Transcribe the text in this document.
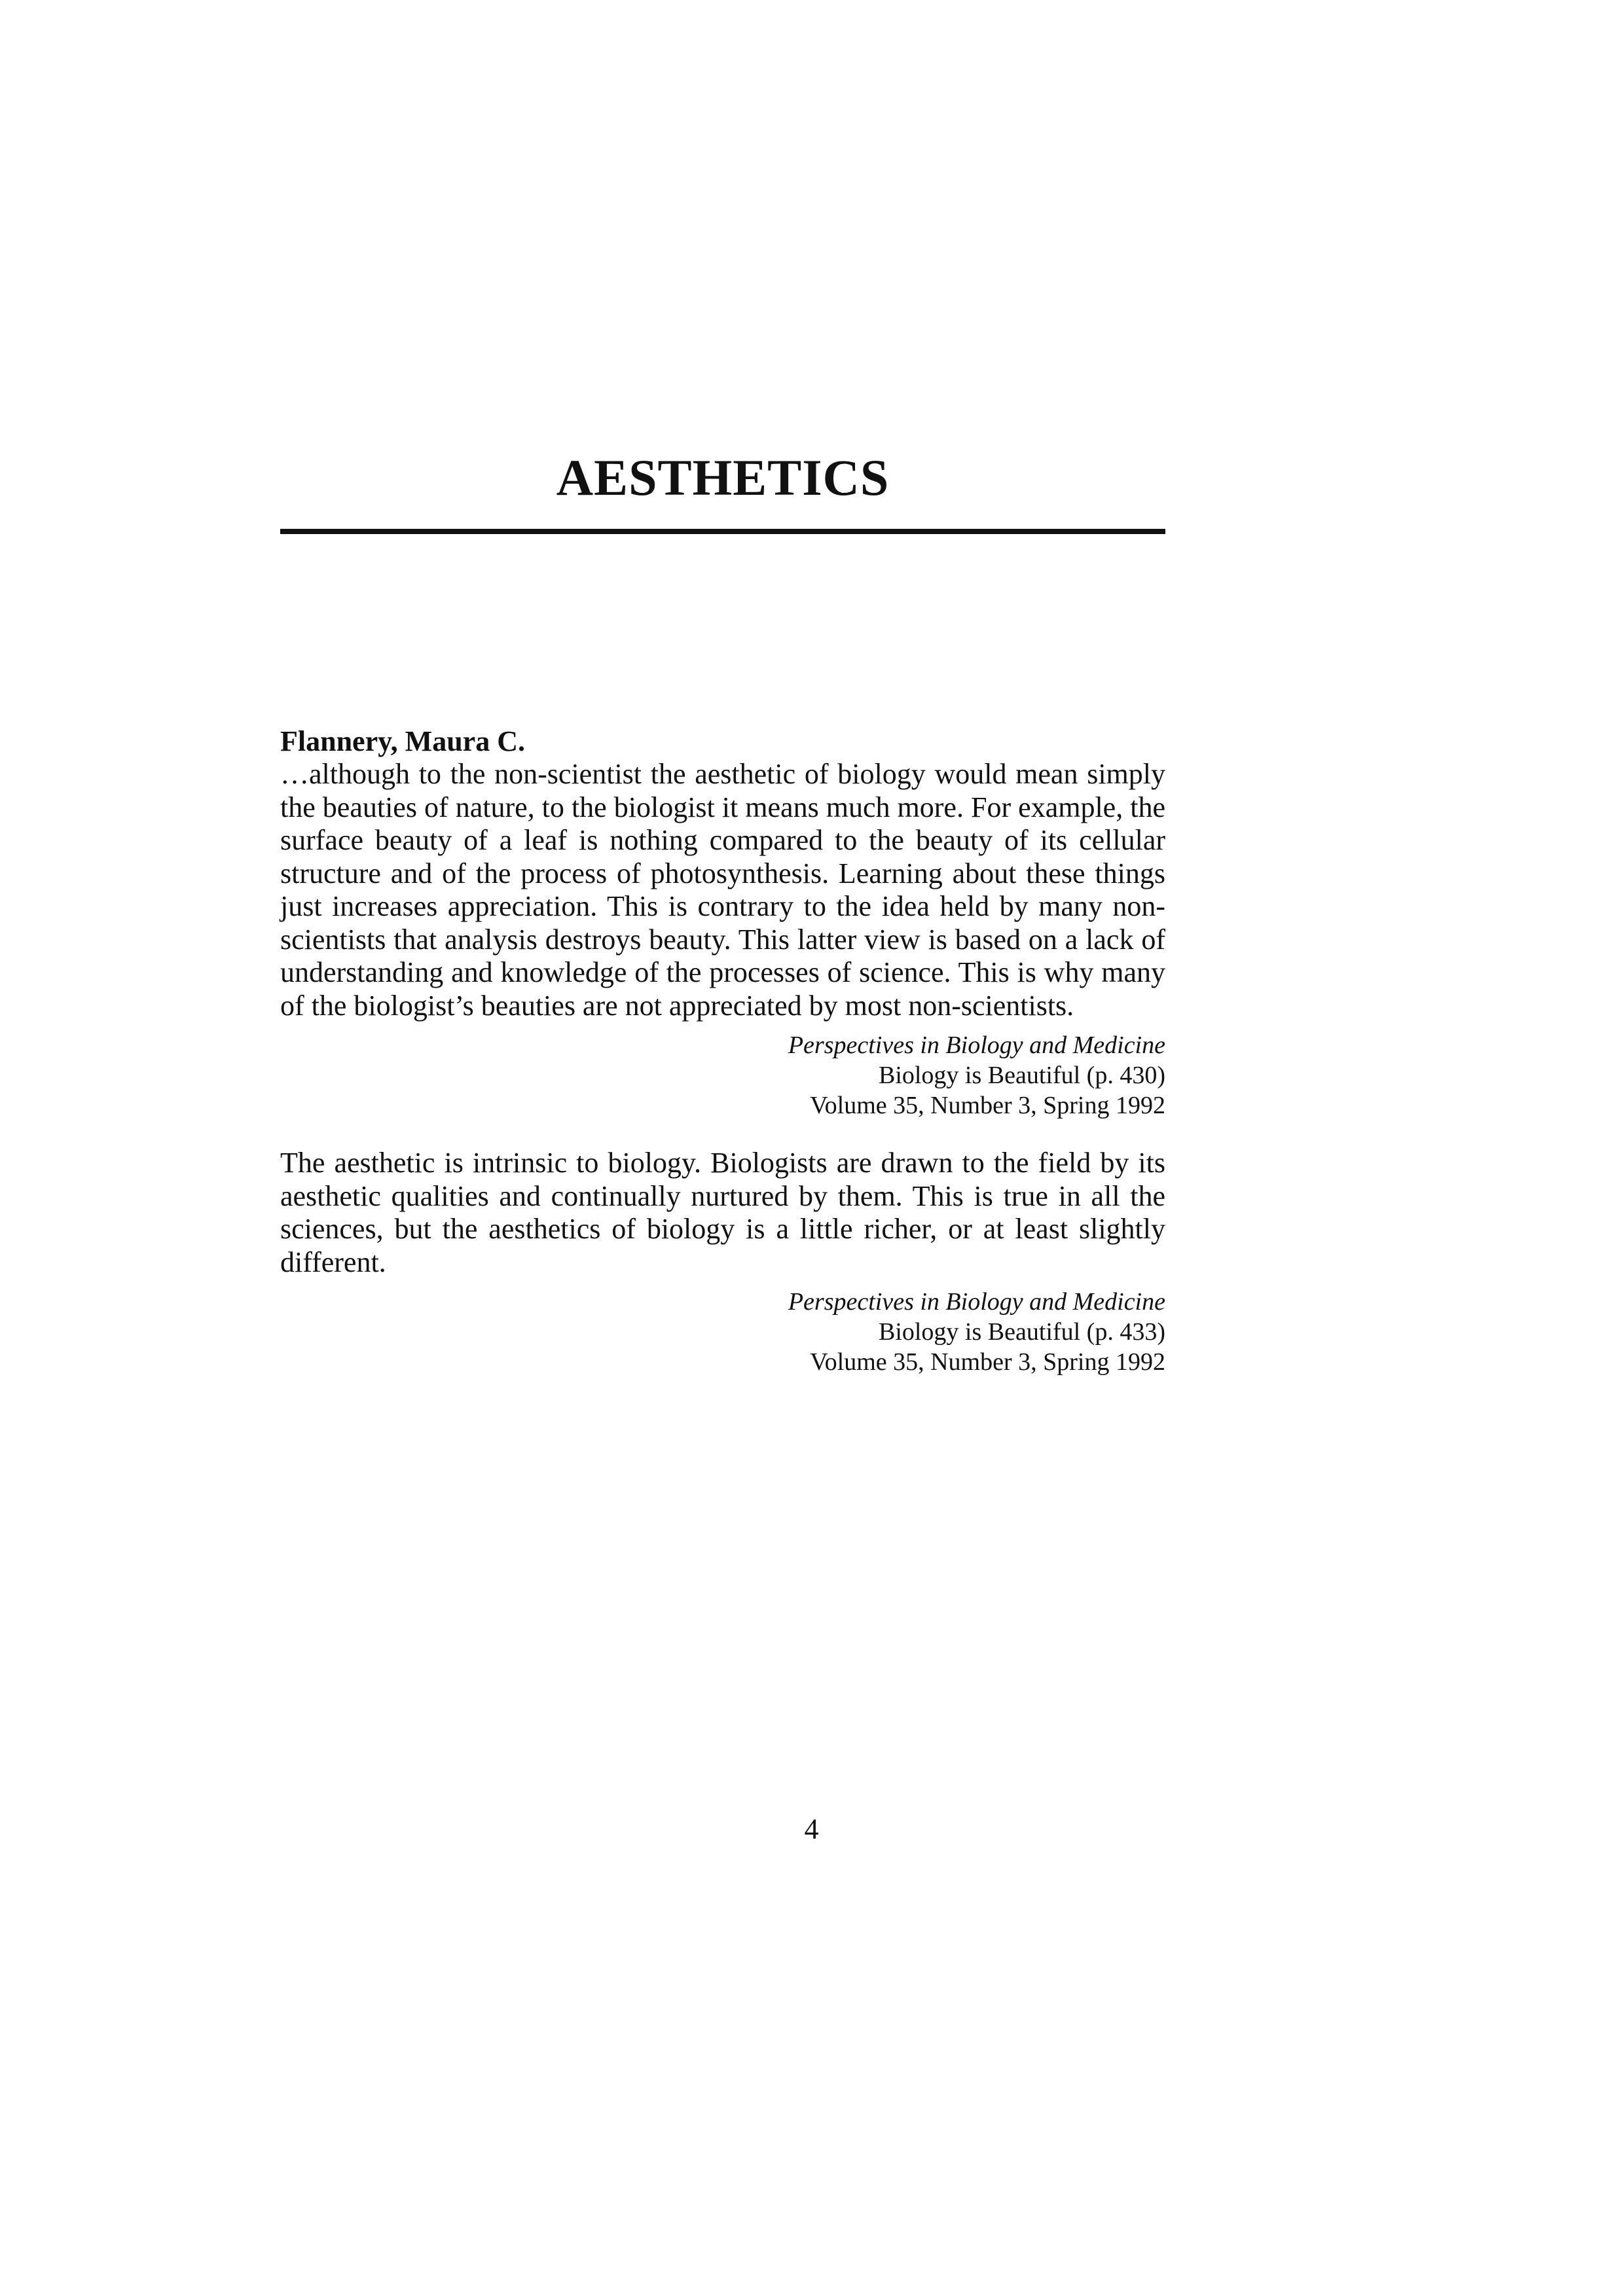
AESTHETICS

Flannery, Maura C.

…although to the non-scientist the aesthetic of biology would mean simply the beauties of nature, to the biologist it means much more. For example, the surface beauty of a leaf is nothing compared to the beauty of its cellular structure and of the process of photosynthesis. Learning about these things just increases appreciation. This is contrary to the idea held by many non-scientists that analysis destroys beauty. This latter view is based on a lack of understanding and knowledge of the processes of science. This is why many of the biologist’s beauties are not appreciated by most non-scientists.

Perspectives in Biology and Medicine
Biology is Beautiful (p. 430)
Volume 35, Number 3, Spring 1992

The aesthetic is intrinsic to biology. Biologists are drawn to the field by its aesthetic qualities and continually nurtured by them. This is true in all the sciences, but the aesthetics of biology is a little richer, or at least slightly different.

Perspectives in Biology and Medicine
Biology is Beautiful (p. 433)
Volume 35, Number 3, Spring 1992
4
